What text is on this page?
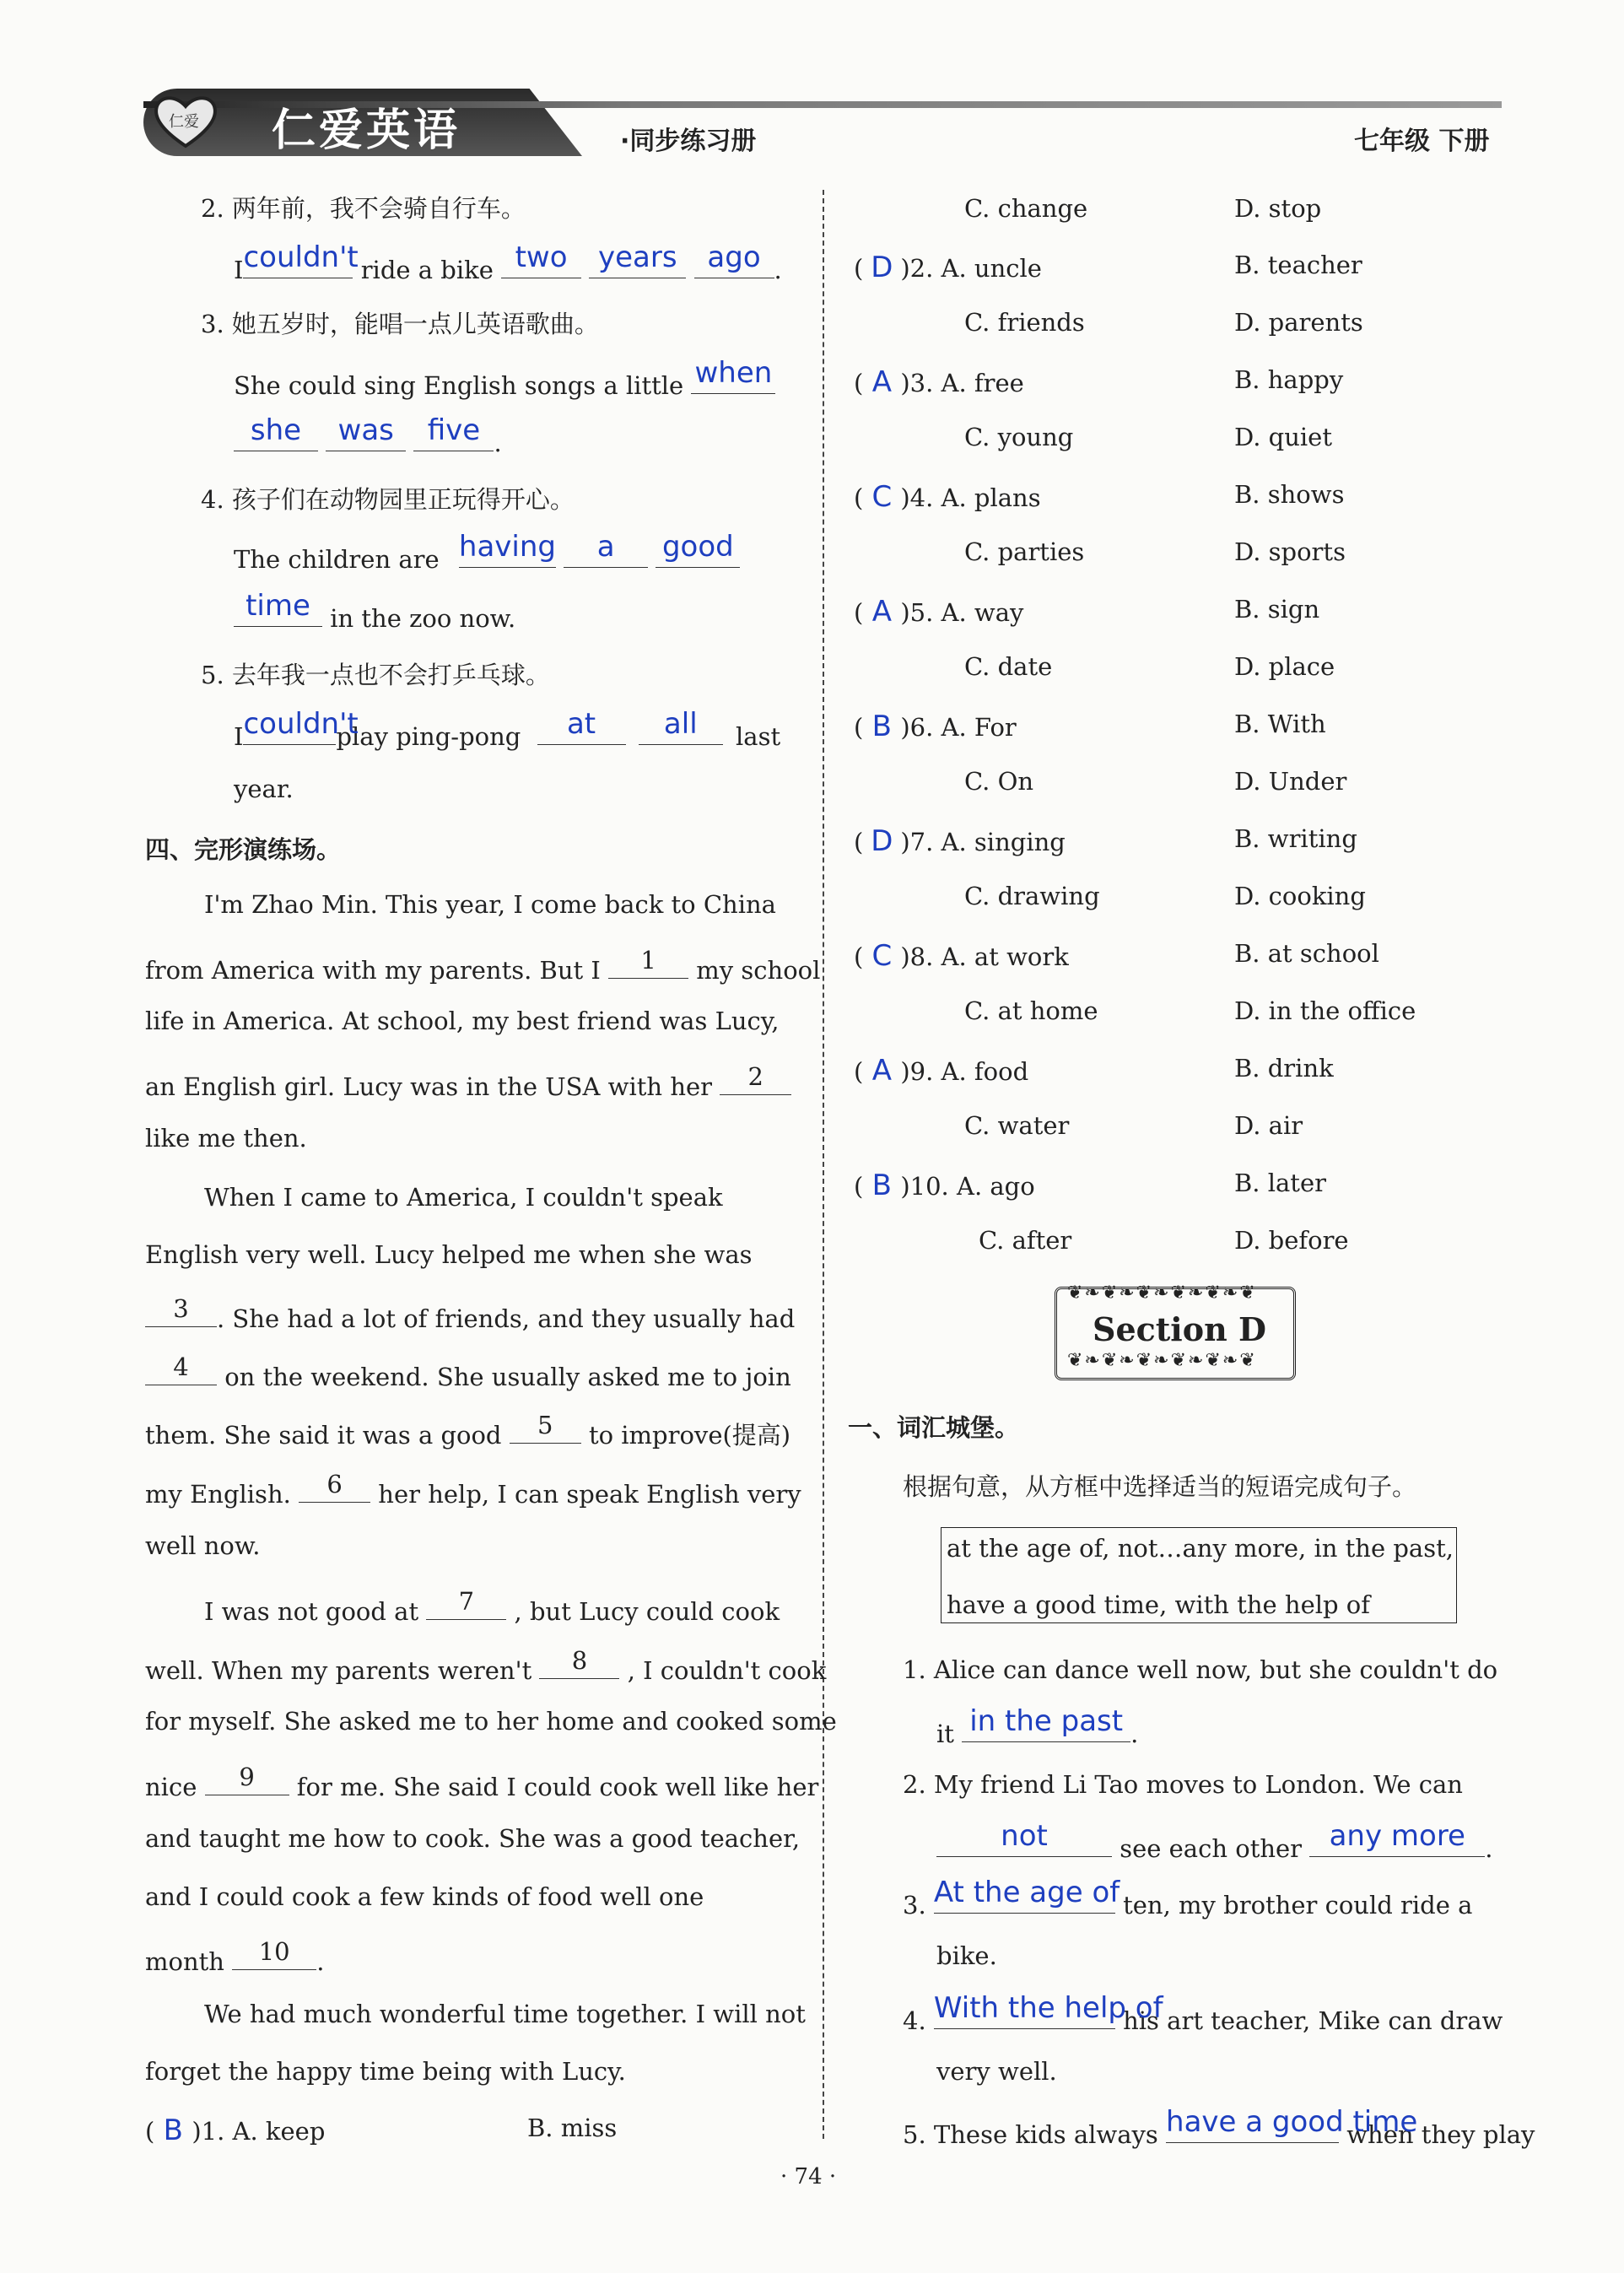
仁爱 仁爱英语	·同步练习册	七年级 下册
2. 两年前，我不会骑自行车。
I couldn't ride a bike two
	years
	ago .
3. 她五岁时，能唱一点儿英语歌曲。
She could sing English songs a little when
she
	was
	five .
4. 孩子们在动物园里正玩得开心。
The children are having
	a
	good
time in the zoo now.
5. 去年我一点也不会打乒乓球。
I couldn't
play ping-pong	at
	all	last
year.
四、完形演练场。
I'm Zhao Min. This year, I come back to China
from America with my parents. But I	1	my school
life in America. At school, my best friend was Lucy,
an English girl. Lucy was in the USA with her	2
like me then.
When I came to America, I couldn't speak
English very well. Lucy helped me when she was
3	. She had a lot of friends, and they usually had
4	on the weekend. She usually asked me to join
them. She said it was a good	5	to improve(提高)
my English.	6	her help, I can speak English very
well now.
I was not good at	7	, but Lucy could cook
well. When my parents weren't	8	, I couldn't cook
for myself. She asked me to her home and cooked some
nice	9	for me. She said I could cook well like her
and taught me how to cook. She was a good teacher,
and I could cook a few kinds of food well one
month	10	.
We had much wonderful time together. I will not
forget the happy time being with Lucy.
( B )1. A. keep	B. miss
C. change	D. stop
( D )2. A. uncle	B. teacher
C. friends	D. parents
( A )3. A. free	B. happy
C. young	D. quiet
( C )4. A. plans	B. shows
C. parties	D. sports
( A )5. A. way	B. sign
C. date	D. place
( B )6. A. For	B. With
C. On	D. Under
( D )7. A. singing	B. writing
C. drawing	D. cooking
( C )8. A. at work	B. at school
C. at home	D. in the office
( A )9. A. food	B. drink
C. water	D. air
( B )10. A. ago	B. later
C. after	D. before
❦❧❦❧❦❧❦❧❦❧❦
❦❧❦❧❦❧❦❧❦❧❦
Section D
一、词汇城堡。
根据句意，从方框中选择适当的短语完成句子。
at the age of, not…any more, in the past,
have a good time, with the help of
1. Alice can dance well now, but she couldn't do
it in the past .
2. My friend Li Tao moves to London. We can
not	see each other any more .
3. At the age of ten, my brother could ride a
bike.
4. With the help of
his art teacher, Mike can draw
very well.
5. These kids always have a good time
when they play
· 74 ·
